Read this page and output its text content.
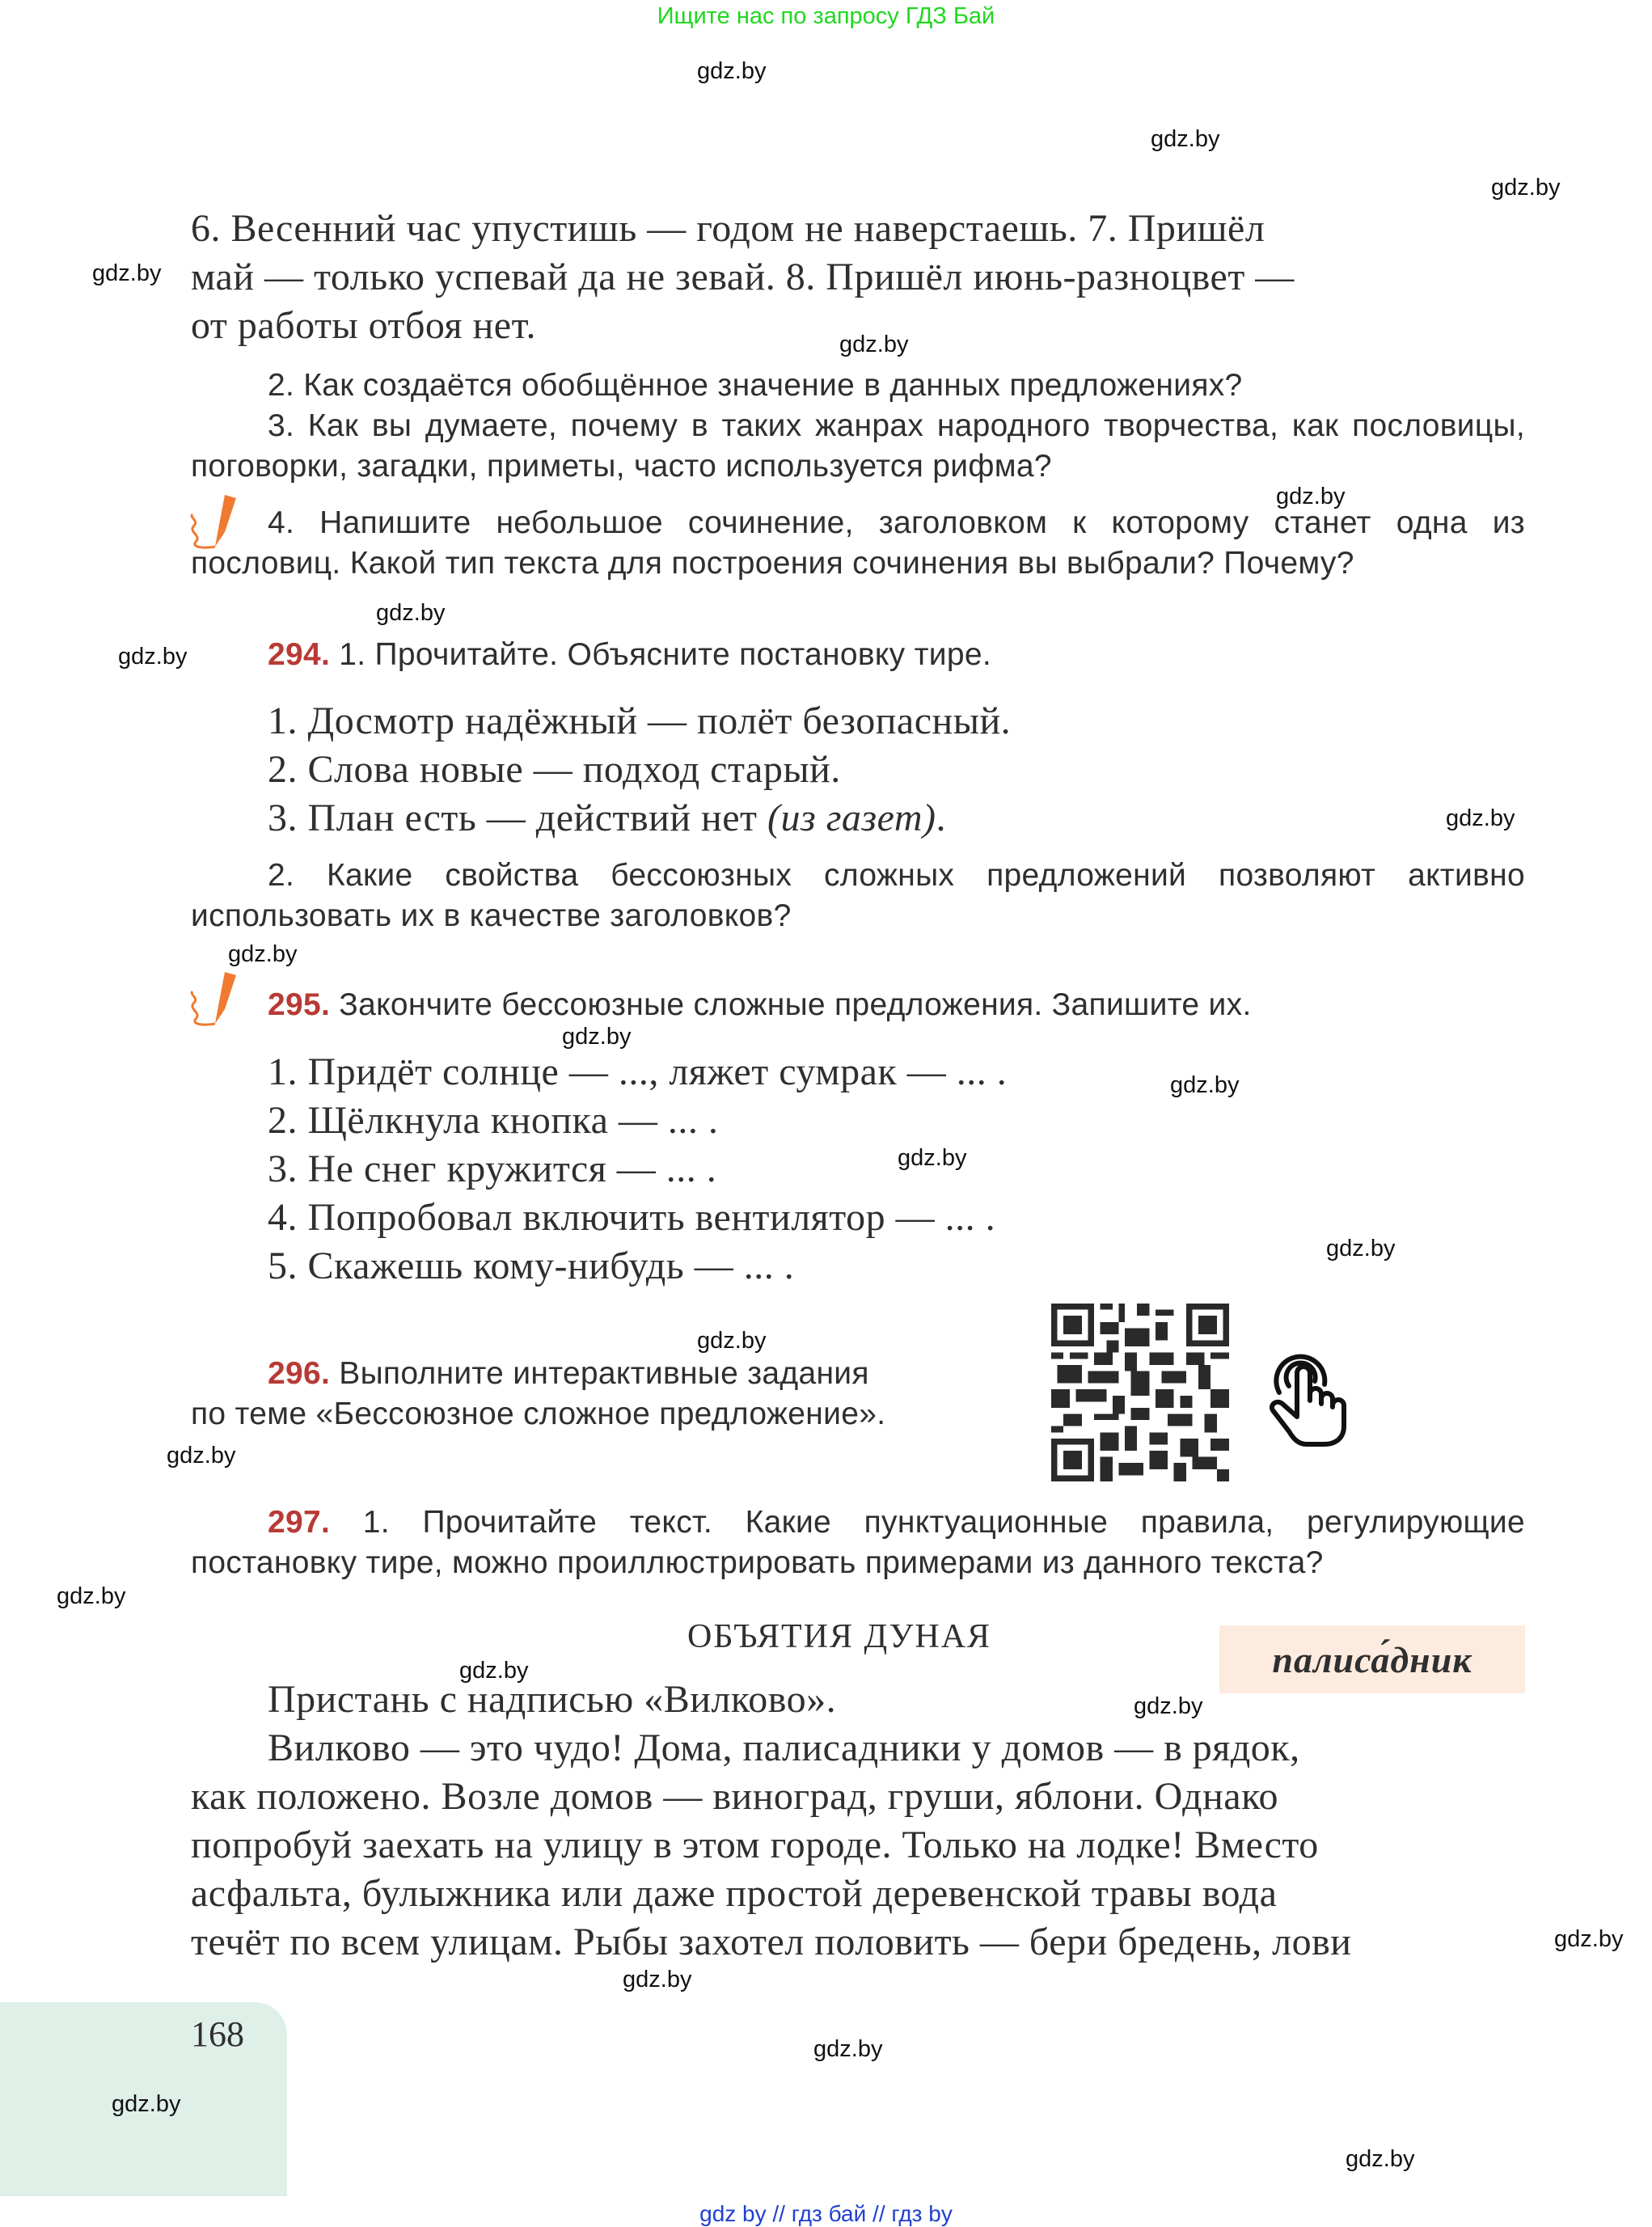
Ищите нас по запросу ГДЗ Бай
gdz.by
gdz.by
gdz.by
gdz.by
gdz.by
gdz.by
gdz.by
gdz.by
gdz.by
gdz.by
gdz.by
gdz.by
gdz.by
gdz.by
gdz.by
gdz.by
gdz.by
gdz.by
gdz.by
gdz.by
gdz.by
gdz.by
gdz.by
6. Весенний час упустишь — годом не наверстаешь. 7. Пришёл
май — только успевай да не зевай. 8. Пришёл июнь-разноцвет —
от работы отбоя нет.
2. Как создаётся обобщённое значение в данных предложениях?
3. Как вы думаете, почему в таких жанрах народного творчества, как пословицы, поговорки, загадки, приметы, часто используется рифма?
4. Напишите небольшое сочинение, заголовком к которому станет одна из пословиц. Какой тип текста для построения сочинения вы выбрали? Почему?
294. 1. Прочитайте. Объясните постановку тире.
1. Досмотр надёжный — полёт безопасный.
2. Слова новые — подход старый.
3. План есть — действий нет (из газет).
2. Какие свойства бессоюзных сложных предложений позволяют активно использовать их в качестве заголовков?
295. Закончите бессоюзные сложные предложения. Запишите их.
1. Придёт солнце — ..., ляжет сумрак — ... .
2. Щёлкнула кнопка — ... .
3. Не снег кружится — ... .
4. Попробовал включить вентилятор — ... .
5. Скажешь кому-нибудь — ... .
296. Выполните интерактивные задания
по теме «Бессоюзное сложное предложение».
297. 1. Прочитайте текст. Какие пунктуационные правила, регулирующие постановку тире, можно проиллюстрировать примерами из данного текста?
палиса́дник
ОБЪЯТИЯ ДУНАЯ
Пристань с надписью «Вилково».
Вилково — это чудо! Дома, палисадники у домов — в рядок,
как положено. Возле домов — виноград, груши, яблони. Однако
попробуй заехать на улицу в этом городе. Только на лодке! Вместо
асфальта, булыжника или даже простой деревенской травы вода
течёт по всем улицам. Рыбы захотел половить — бери бредень, лови
168
gdz.by
gdz by // гдз бай // гдз by
